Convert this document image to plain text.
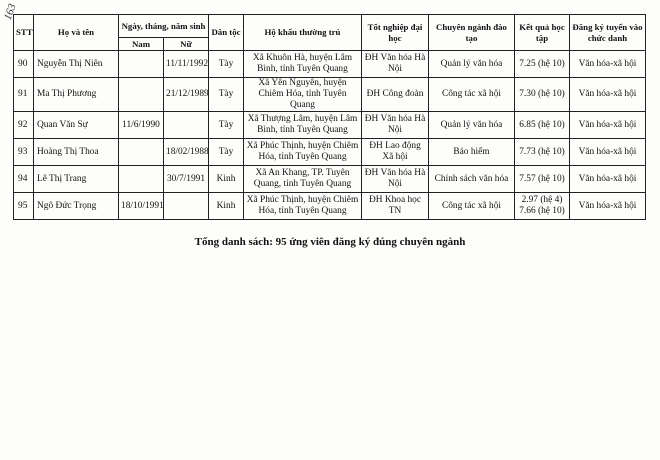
163
STT	Họ và tên	Ngày, tháng, năm sinh		Dân tộc	Hộ khẩu thường trú	Tốt nghiệp đại học	Chuyên ngành đào tạo	Kết quả học tập	Đăng ký tuyển vào chức danh
		Nam	Nữ						
90	Nguyễn Thị Niên		11/11/1992	Tày	Xã Khuôn Hà, huyện Lâm Bình, tỉnh Tuyên Quang	ĐH Văn hóa Hà Nội	Quản lý văn hóa	7.25 (hệ 10)	Văn hóa-xã hội
91	Ma Thị Phương		21/12/1989	Tày	Xã Yên Nguyên, huyện Chiêm Hóa, tỉnh Tuyên Quang	ĐH Công đoàn	Công tác xã hội	7.30 (hệ 10)	Văn hóa-xã hội
92	Quan Văn Sự	11/6/1990		Tày	Xã Thượng Lâm, huyện Lâm Bình, tỉnh Tuyên Quang	ĐH Văn hóa Hà Nội	Quản lý văn hóa	6.85 (hệ 10)	Văn hóa-xã hội
93	Hoàng Thị Thoa		18/02/1988	Tày	Xã Phúc Thịnh, huyện Chiêm Hóa, tỉnh Tuyên Quang	ĐH Lao động Xã hội	Bảo hiểm	7.73 (hệ 10)	Văn hóa-xã hội
94	Lê Thị Trang		30/7/1991	Kinh	Xã An Khang, TP. Tuyên Quang, tỉnh Tuyên Quang	ĐH Văn hóa Hà Nội	Chính sách văn hóa	7.57 (hệ 10)	Văn hóa-xã hội
95	Ngô Đức Trọng	18/10/1991		Kinh	Xã Phúc Thịnh, huyện Chiêm Hóa, tỉnh Tuyên Quang	ĐH Khoa học TN	Công tác xã hội	2.97 (hệ 4) 7.66 (hệ 10)	Văn hóa-xã hội
Tổng danh sách: 95 ứng viên đăng ký đúng chuyên ngành
